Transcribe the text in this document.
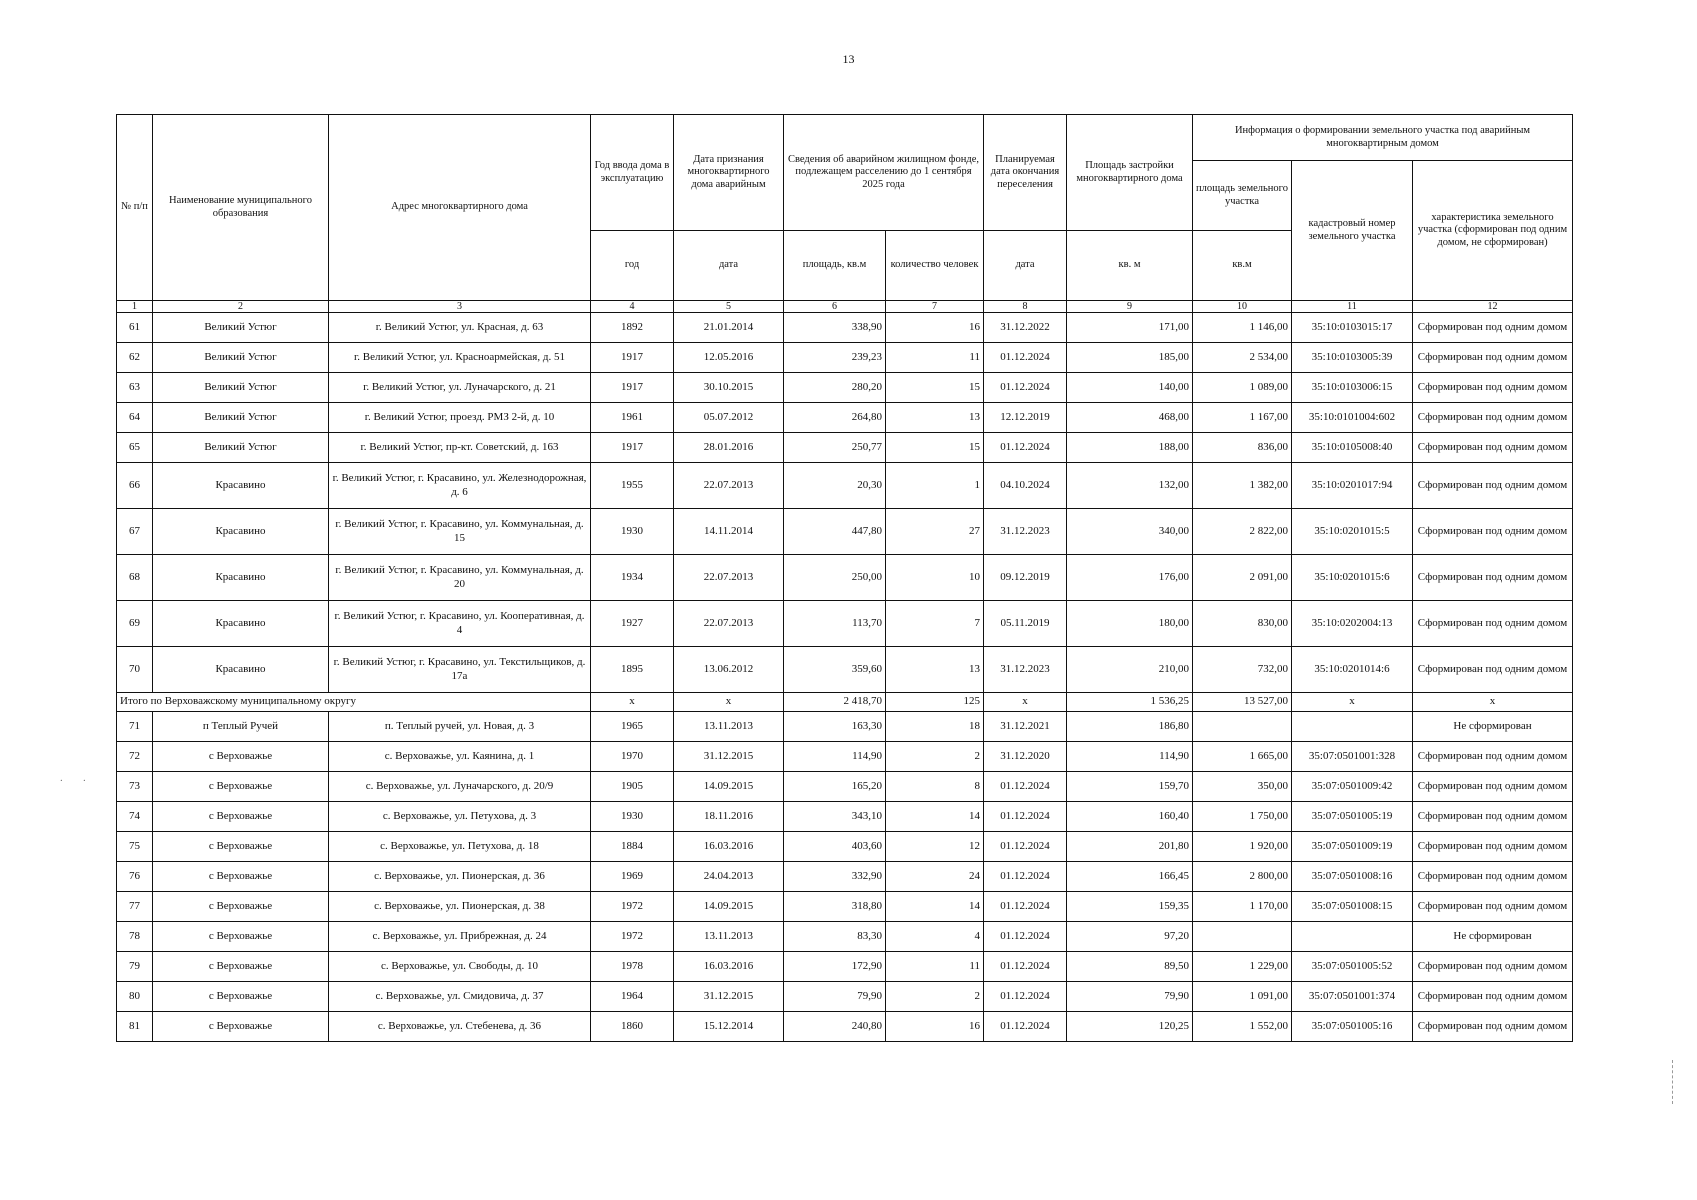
13
.   .
№ п/п	Наименование муниципального образования	Адрес многоквартирного дома	Год ввода дома в эксплуатацию	Дата признания многоквартирного дома аварийным	Сведения об аварийном жилищном фонде, подлежащем расселению до 1 сентября 2025 года		Планируемая дата окончания переселения	Площадь застройки многоквартирного дома	Информация о формировании земельного участка под аварийным многоквартирным домом		
									площадь земельного участка	кадастровый номер земельного участка	характеристика земельного участка (сформирован под одним домом, не сформирован)
			год	дата	площадь, кв.м	количество человек	дата	кв. м	кв.м		
1	2	3	4	5	6	7	8	9	10	11	12
61	Великий Устюг	г. Великий Устюг, ул. Красная, д. 63	1892	21.01.2014	338,90	16	31.12.2022	171,00	1 146,00	35:10:0103015:17	Сформирован под одним домом
62	Великий Устюг	г. Великий Устюг, ул. Красноармейская, д. 51	1917	12.05.2016	239,23	11	01.12.2024	185,00	2 534,00	35:10:0103005:39	Сформирован под одним домом
63	Великий Устюг	г. Великий Устюг, ул. Луначарского, д. 21	1917	30.10.2015	280,20	15	01.12.2024	140,00	1 089,00	35:10:0103006:15	Сформирован под одним домом
64	Великий Устюг	г. Великий Устюг, проезд. РМЗ 2-й, д. 10	1961	05.07.2012	264,80	13	12.12.2019	468,00	1 167,00	35:10:0101004:602	Сформирован под одним домом
65	Великий Устюг	г. Великий Устюг, пр-кт. Советский, д. 163	1917	28.01.2016	250,77	15	01.12.2024	188,00	836,00	35:10:0105008:40	Сформирован под одним домом
66	Красавино	г. Великий Устюг, г. Красавино, ул. Железнодорожная, д. 6	1955	22.07.2013	20,30	1	04.10.2024	132,00	1 382,00	35:10:0201017:94	Сформирован под одним домом
67	Красавино	г. Великий Устюг, г. Красавино, ул. Коммунальная, д. 15	1930	14.11.2014	447,80	27	31.12.2023	340,00	2 822,00	35:10:0201015:5	Сформирован под одним домом
68	Красавино	г. Великий Устюг, г. Красавино, ул. Коммунальная, д. 20	1934	22.07.2013	250,00	10	09.12.2019	176,00	2 091,00	35:10:0201015:6	Сформирован под одним домом
69	Красавино	г. Великий Устюг, г. Красавино, ул. Кооперативная, д. 4	1927	22.07.2013	113,70	7	05.11.2019	180,00	830,00	35:10:0202004:13	Сформирован под одним домом
70	Красавино	г. Великий Устюг, г. Красавино, ул. Текстильщиков, д. 17а	1895	13.06.2012	359,60	13	31.12.2023	210,00	732,00	35:10:0201014:6	Сформирован под одним домом
Итого по Верховажскому муниципальному округу			x	x	2 418,70	125	x	1 536,25	13 527,00	x	x
71	п Теплый Ручей	п. Теплый ручей, ул. Новая, д. 3	1965	13.11.2013	163,30	18	31.12.2021	186,80			Не сформирован
72	с Верховажье	с. Верховажье, ул. Каянина, д. 1	1970	31.12.2015	114,90	2	31.12.2020	114,90	1 665,00	35:07:0501001:328	Сформирован под одним домом
73	с Верховажье	с. Верховажье, ул. Луначарского, д. 20/9	1905	14.09.2015	165,20	8	01.12.2024	159,70	350,00	35:07:0501009:42	Сформирован под одним домом
74	с Верховажье	с. Верховажье, ул. Петухова, д. 3	1930	18.11.2016	343,10	14	01.12.2024	160,40	1 750,00	35:07:0501005:19	Сформирован под одним домом
75	с Верховажье	с. Верховажье, ул. Петухова, д. 18	1884	16.03.2016	403,60	12	01.12.2024	201,80	1 920,00	35:07:0501009:19	Сформирован под одним домом
76	с Верховажье	с. Верховажье, ул. Пионерская, д. 36	1969	24.04.2013	332,90	24	01.12.2024	166,45	2 800,00	35:07:0501008:16	Сформирован под одним домом
77	с Верховажье	с. Верховажье, ул. Пионерская, д. 38	1972	14.09.2015	318,80	14	01.12.2024	159,35	1 170,00	35:07:0501008:15	Сформирован под одним домом
78	с Верховажье	с. Верховажье, ул. Прибрежная, д. 24	1972	13.11.2013	83,30	4	01.12.2024	97,20			Не сформирован
79	с Верховажье	с. Верховажье, ул. Свободы, д. 10	1978	16.03.2016	172,90	11	01.12.2024	89,50	1 229,00	35:07:0501005:52	Сформирован под одним домом
80	с Верховажье	с. Верховажье, ул. Смидовича, д. 37	1964	31.12.2015	79,90	2	01.12.2024	79,90	1 091,00	35:07:0501001:374	Сформирован под одним домом
81	с Верховажье	с. Верховажье, ул. Стебенева, д. 36	1860	15.12.2014	240,80	16	01.12.2024	120,25	1 552,00	35:07:0501005:16	Сформирован под одним домом
